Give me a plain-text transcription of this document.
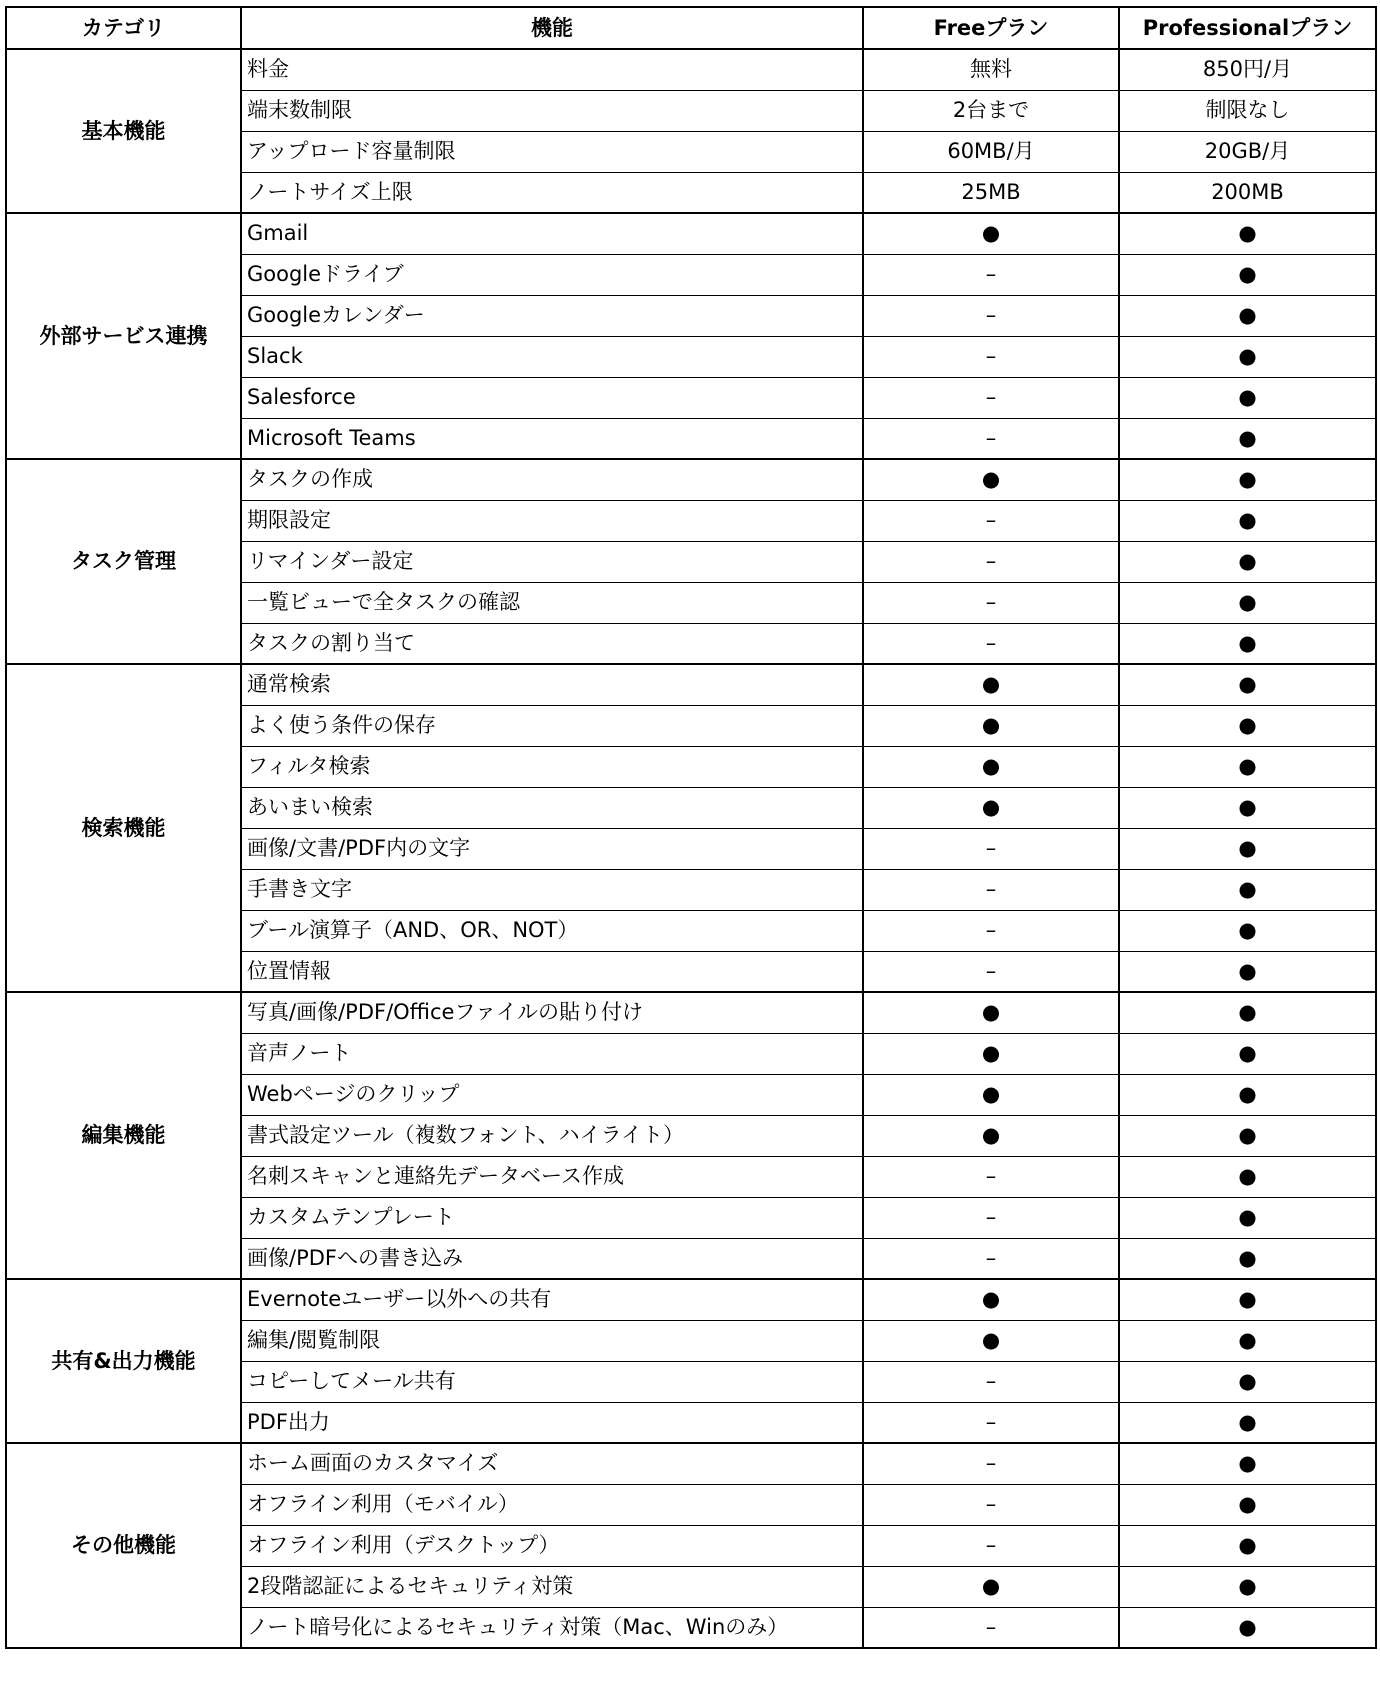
カテゴリ	機能	Freeプラン	Professionalプラン
基本機能	料金	無料	850円/月
	端末数制限	2台まで	制限なし
	アップロード容量制限	60MB/月	20GB/月
	ノートサイズ上限	25MB	200MB
外部サービス連携	Gmail	●	●
	Googleドライブ	–	●
	Googleカレンダー	–	●
	Slack	–	●
	Salesforce	–	●
	Microsoft Teams	–	●
タスク管理	タスクの作成	●	●
	期限設定	–	●
	リマインダー設定	–	●
	一覧ビューで全タスクの確認	–	●
	タスクの割り当て	–	●
検索機能	通常検索	●	●
	よく使う条件の保存	●	●
	フィルタ検索	●	●
	あいまい検索	●	●
	画像/文書/PDF内の文字	–	●
	手書き文字	–	●
	ブール演算子（AND、OR、NOT）	–	●
	位置情報	–	●
編集機能	写真/画像/PDF/Officeファイルの貼り付け	●	●
	音声ノート	●	●
	Webページのクリップ	●	●
	書式設定ツール（複数フォント、ハイライト）	●	●
	名刺スキャンと連絡先データベース作成	–	●
	カスタムテンプレート	–	●
	画像/PDFへの書き込み	–	●
共有&出力機能	Evernoteユーザー以外への共有	●	●
	編集/閲覧制限	●	●
	コピーしてメール共有	–	●
	PDF出力	–	●
その他機能	ホーム画面のカスタマイズ	–	●
	オフライン利用（モバイル）	–	●
	オフライン利用（デスクトップ）	–	●
	2段階認証によるセキュリティ対策	●	●
	ノート暗号化によるセキュリティ対策（Mac、Winのみ）	–	●
